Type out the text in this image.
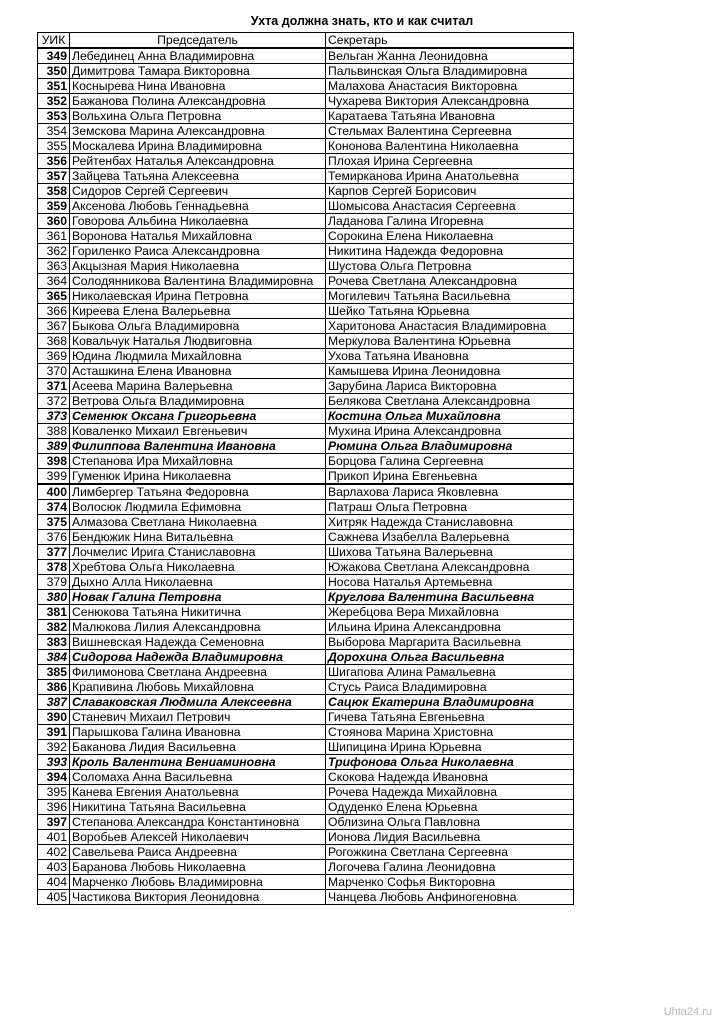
Ухта должна знать, кто и как считал
УИК	Председатель	Секретарь
349	Лебединец Анна Владимировна	Вельган Жанна Леонидовна
350	Димитрова Тамара Викторовна	Пальвинская Ольга Владимировна
351	Коснырева Нина Ивановна	Малахова Анастасия Викторовна
352	Бажанова Полина Александровна	Чухарева Виктория Александровна
353	Вольхина Ольга Петровна	Каратаева Татьяна Ивановна
354	Земскова Марина Александровна	Стельмах Валентина Сергеевна
355	Москалева Ирина Владимировна	Кононова Валентина Николаевна
356	Рейтенбах Наталья Александровна	Плохая Ирина Сергеевна
357	Зайцева Татьяна Алексеевна	Темирканова Ирина Анатольевна
358	Сидоров Сергей Сергеевич	Карпов Сергей Борисович
359	Аксенова Любовь Геннадьевна	Шомысова Анастасия Сергеевна
360	Говорова Альбина Николаевна	Ладанова Галина Игоревна
361	Воронова Наталья Михайловна	Сорокина Елена Николаевна
362	Гориленко Раиса Александровна	Никитина Надежда Федоровна
363	Акцызная Мария Николаевна	Шустова Ольга Петровна
364	Солодянникова Валентина Владимировна	Рочева Светлана Александровна
365	Николаевская Ирина Петровна	Могилевич Татьяна Васильевна
366	Киреева Елена Валерьевна	Шейко Татьяна Юрьевна
367	Быкова Ольга Владимировна	Харитонова Анастасия Владимировна
368	Ковальчук Наталья Людвиговна	Меркулова Валентина Юрьевна
369	Юдина Людмила Михайловна	Ухова Татьяна Ивановна
370	Асташкина Елена Ивановна	Камышева Ирина Леонидовна
371	Асеева Марина Валерьевна	Зарубина Лариса Викторовна
372	Ветрова Ольга Владимировна	Белякова Светлана Александровна
373	Семенюк Оксана Григорьевна	Костина Ольга Михайловна
388	Коваленко Михаил Евгеньевич	Мухина Ирина Александровна
389	Филиппова Валентина Ивановна	Рюмина Ольга Владимировна
398	Степанова Ира Михайловна	Борцова Галина Сергеевна
399	Гуменюк Ирина Николаевна	Прикоп Ирина Евгеньевна
400	Лимбергер Татьяна Федоровна	Варлахова Лариса Яковлевна
374	Волосюк Людмила Ефимовна	Патраш Ольга Петровна
375	Алмазова Светлана Николаевна	Хитряк Надежда Станиславовна
376	Бендюжик Нина Витальевна	Сажнева Изабелла Валерьевна
377	Лочмелис Ирига Станиславовна	Шихова Татьяна Валерьевна
378	Хребтова Ольга Николаевна	Южакова Светлана Александровна
379	Дыхно Алла Николаевна	Носова Наталья Артемьевна
380	Новак Галина Петровна	Круглова Валентина Васильевна
381	Сенюкова Татьяна Никитична	Жеребцова Вера Михайловна
382	Малюкова Лилия Александровна	Ильина Ирина Александровна
383	Вишневская Надежда Семеновна	Выборова Маргарита Васильевна
384	Сидорова Надежда Владимировна	Дорохина Ольга Васильевна
385	Филимонова Светлана Андреевна	Шигапова Алина Рамальевна
386	Крапивина Любовь Михайловна	Стусь Раиса Владимировна
387	Славаковская Людмила Алексеевна	Сацюк Екатерина Владимировна
390	Станевич Михаил Петрович	Гичева Татьяна Евгеньевна
391	Парышкова Галина Ивановна	Стоянова Марина Христовна
392	Баканова Лидия Васильевна	Шипицина Ирина Юрьевна
393	Кроль Валентина Вениаминовна	Трифонова Ольга Николаевна
394	Соломаха Анна Васильевна	Скокова Надежда Ивановна
395	Канева Евгения Анатольевна	Рочева Надежда Михайловна
396	Никитина Татьяна Васильевна	Одуденко Елена Юрьевна
397	Степанова Александра Константиновна	Облизина Ольга Павловна
401	Воробьев Алексей Николаевич	Ионова Лидия Васильевна
402	Савельева Раиса Андреевна	Рогожкина Светлана Сергеевна
403	Баранова Любовь Николаевна	Логочева Галина Леонидовна
404	Марченко Любовь Владимировна	Марченко Софья Викторовна
405	Частикова Виктория Леонидовна	Чанцева Любовь Анфиногеновна
Uhta24.ru
